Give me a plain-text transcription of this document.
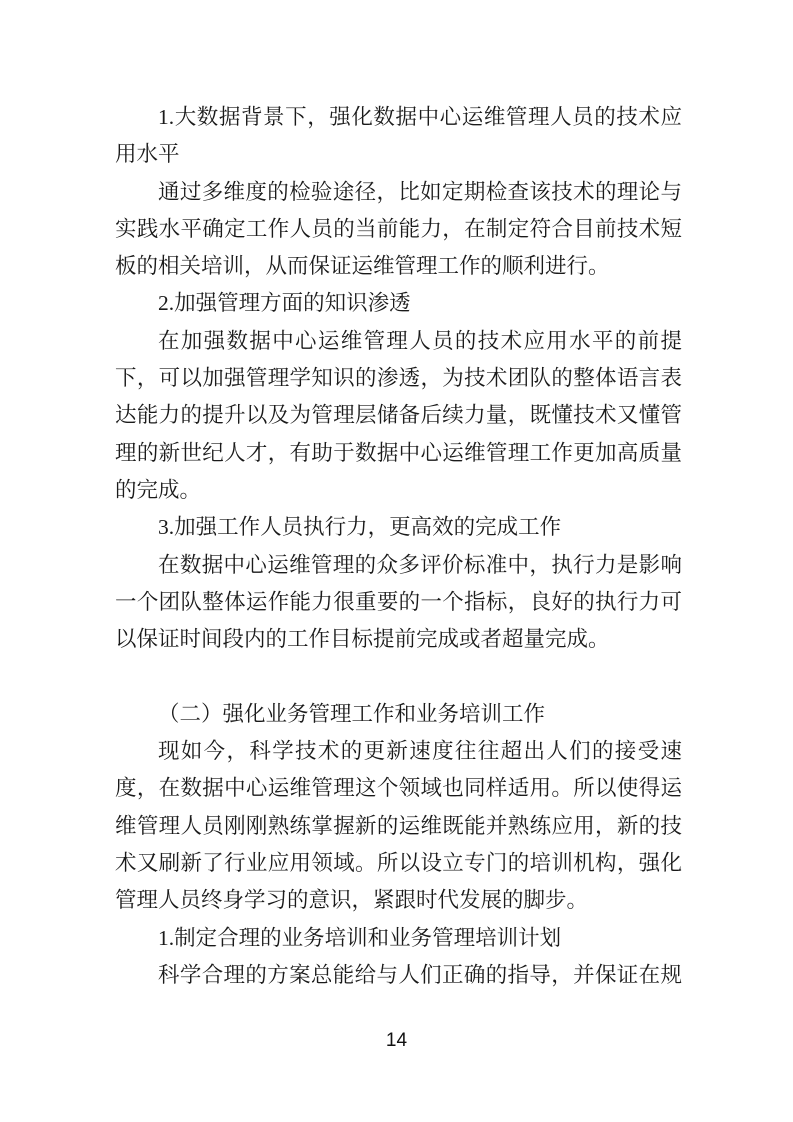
1.大数据背景下，强化数据中心运维管理人员的技术应
用水平

通过多维度的检验途径，比如定期检查该技术的理论与
实践水平确定工作人员的当前能力，在制定符合目前技术短
板的相关培训，从而保证运维管理工作的顺利进行。

2.加强管理方面的知识渗透

在加强数据中心运维管理人员的技术应用水平的前提
下，可以加强管理学知识的渗透，为技术团队的整体语言表
达能力的提升以及为管理层储备后续力量，既懂技术又懂管
理的新世纪人才，有助于数据中心运维管理工作更加高质量
的完成。

3.加强工作人员执行力，更高效的完成工作

在数据中心运维管理的众多评价标准中，执行力是影响
一个团队整体运作能力很重要的一个指标，良好的执行力可
以保证时间段内的工作目标提前完成或者超量完成。

（二）强化业务管理工作和业务培训工作

现如今，科学技术的更新速度往往超出人们的接受速
度，在数据中心运维管理这个领域也同样适用。所以使得运
维管理人员刚刚熟练掌握新的运维既能并熟练应用，新的技
术又刷新了行业应用领域。所以设立专门的培训机构，强化
管理人员终身学习的意识，紧跟时代发展的脚步。

1.制定合理的业务培训和业务管理培训计划

科学合理的方案总能给与人们正确的指导，并保证在规

14
